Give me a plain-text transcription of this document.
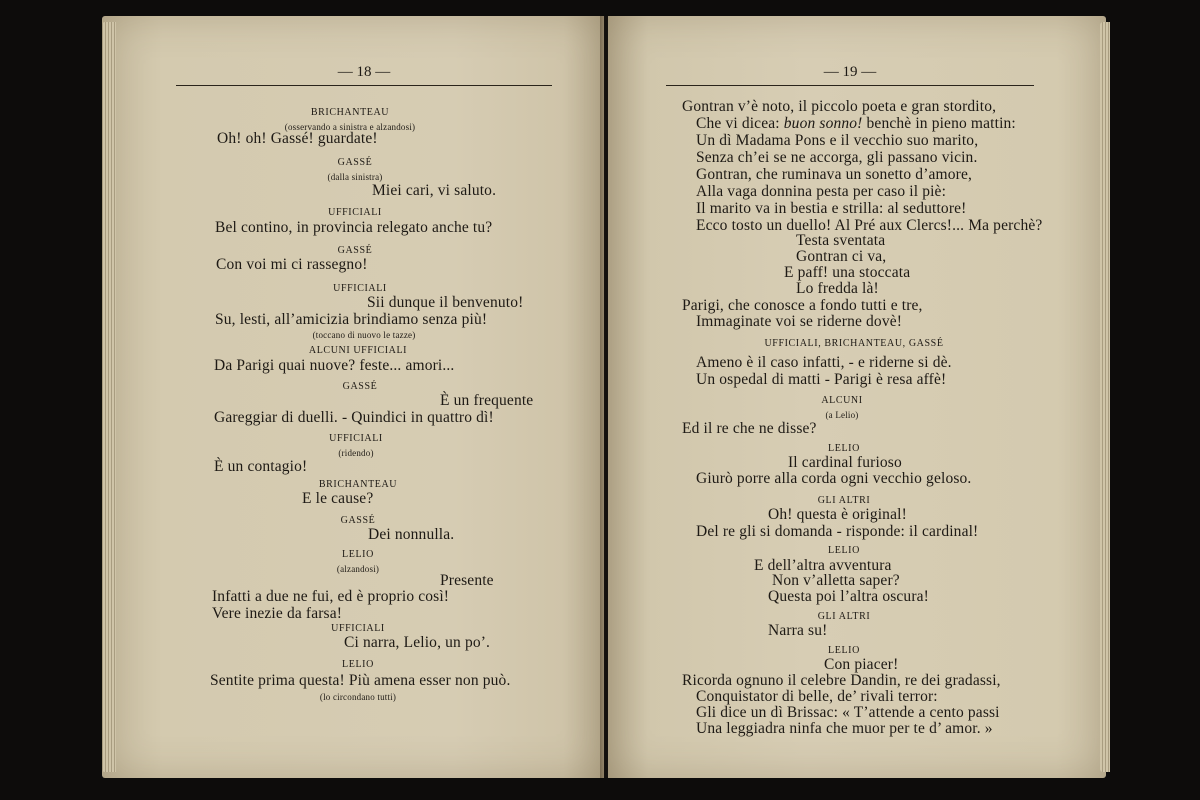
— 18 —
BRICHANTEAU
(osservando a sinistra e alzandosi)
Oh! oh! Gassé! guardate!
GASSÉ
(dalla sinistra)
Miei cari, vi saluto.
UFFICIALI
Bel contino, in provincia relegato anche tu?
GASSÉ
Con voi mi ci rassegno!
UFFICIALI
Sii dunque il benvenuto!
Su, lesti, all’amicizia brindiamo senza più!
(toccano di nuovo le tazze)
ALCUNI UFFICIALI
Da Parigi quai nuove? feste... amori...
GASSÉ
È un frequente
Gareggiar di duelli. - Quindici in quattro dì!
UFFICIALI
(ridendo)
È un contagio!
BRICHANTEAU
E le cause?
GASSÉ
Dei nonnulla.
LELIO
(alzandosi)
Presente
Infatti a due ne fui, ed è proprio così!
Vere inezie da farsa!
UFFICIALI
Ci narra, Lelio, un po’.
LELIO
Sentite prima questa! Più amena esser non può.
(lo circondano tutti)
— 19 —
Gontran v’è noto, il piccolo poeta e gran stordito,
Che vi dicea: buon sonno! benchè in pieno mattin:
Un dì Madama Pons e il vecchio suo marito,
Senza ch’ei se ne accorga, gli passano vicin.
Gontran, che ruminava un sonetto d’amore,
Alla vaga donnina pesta per caso il piè:
Il marito va in bestia e strilla: al seduttore!
Ecco tosto un duello! Al Pré aux Clercs!... Ma perchè?
Testa sventata
Gontran ci va,
E paff! una stoccata
Lo fredda là!
Parigi, che conosce a fondo tutti e tre,
Immaginate voi se riderne dovè!
UFFICIALI, BRICHANTEAU, GASSÉ
Ameno è il caso infatti, - e riderne si dè.
Un ospedal di matti - Parigi è resa affè!
ALCUNI
(a Lelio)
Ed il re che ne disse?
LELIO
Il cardinal furioso
Giurò porre alla corda ogni vecchio geloso.
GLI ALTRI
Oh! questa è original!
Del re gli si domanda - risponde: il cardinal!
LELIO
E dell’altra avventura
Non v’alletta saper?
Questa poi l’altra oscura!
GLI ALTRI
Narra su!
LELIO
Con piacer!
Ricorda ognuno il celebre Dandin, re dei gradassi,
Conquistator di belle, de’ rivali terror:
Gli dice un dì Brissac: « T’attende a cento passi
Una leggiadra ninfa che muor per te d’ amor. »
